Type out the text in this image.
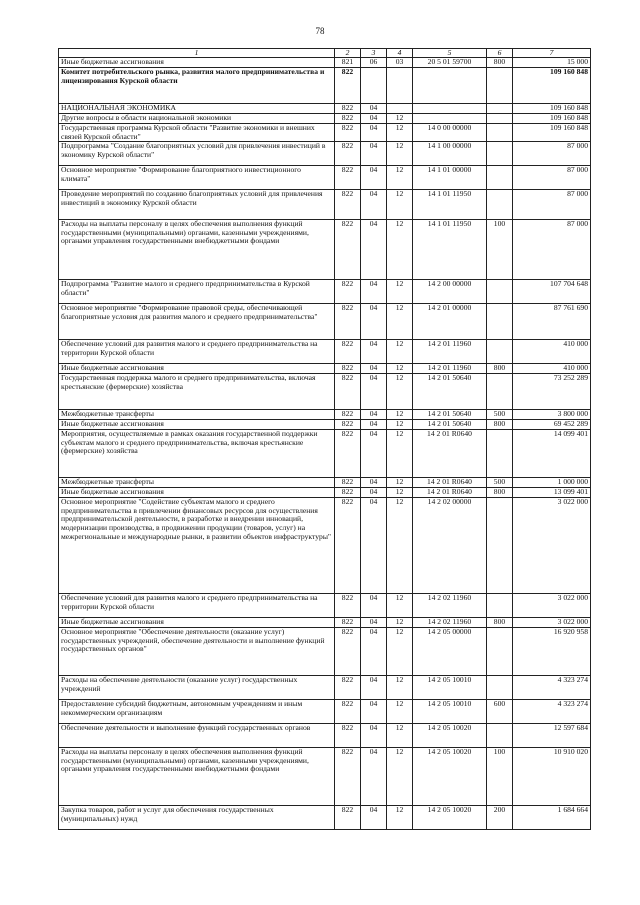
78
1	2	3	4	5	6	7
Иные бюджетные ассигнования	821	06	03	20 5 01 59700	800	15 000
Комитет потребительского рынка, развития малого предпринимательства и лицензирования Курской области	822					109 160 848
НАЦИОНАЛЬНАЯ ЭКОНОМИКА	822	04				109 160 848
Другие вопросы в области национальной экономики	822	04	12			109 160 848
Государственная программа Курской области "Развитие экономики и внешних связей Курской области"	822	04	12	14 0 00 00000		109 160 848
Подпрограмма "Создание благоприятных условий для привлечения инвестиций в экономику Курской области"	822	04	12	14 1 00 00000		87 000
Основное мероприятие "Формирование благоприятного инвестиционного климата"	822	04	12	14 1 01 00000		87 000
Проведение мероприятий по созданию благоприятных условий для привлечения инвестиций в экономику Курской области	822	04	12	14 1 01 11950		87 000
Расходы на выплаты персоналу в целях обеспечения выполнения функций государственными (муниципальными) органами, казенными учреждениями, органами управления государственными внебюджетными фондами	822	04	12	14 1 01 11950	100	87 000
Подпрограмма "Развитие малого и среднего предпринимательства в Курской области"	822	04	12	14 2 00 00000		107 704 648
Основное мероприятие "Формирование правовой среды, обеспечивающей благоприятные условия для развития малого и среднего предпринимательства"	822	04	12	14 2 01 00000		87 761 690
Обеспечение условий для развития малого и среднего предпринимательства на территории Курской области	822	04	12	14 2 01 11960		410 000
Иные бюджетные ассигнования	822	04	12	14 2 01 11960	800	410 000
Государственная поддержка малого и среднего предпринимательства, включая крестьянские (фермерские) хозяйства	822	04	12	14 2 01 50640		73 252 289
Межбюджетные трансферты	822	04	12	14 2 01 50640	500	3 800 000
Иные бюджетные ассигнования	822	04	12	14 2 01 50640	800	69 452 289
Мероприятия, осуществляемые в рамках оказания государственной поддержки субъектам малого и среднего предпринимательства, включая крестьянские (фермерские) хозяйства	822	04	12	14 2 01 R0640		14 099 401
Межбюджетные трансферты	822	04	12	14 2 01 R0640	500	1 000 000
Иные бюджетные ассигнования	822	04	12	14 2 01 R0640	800	13 099 401
Основное мероприятие "Содействие субъектам малого и среднего предпринимательства в привлечении финансовых ресурсов для осуществления предпринимательской деятельности, в разработке и внедрении инноваций, модернизации производства, в продвижении продукции (товаров, услуг) на межрегиональные и международные рынки, в развитии объектов инфраструктуры"	822	04	12	14 2 02 00000		3 022 000
Обеспечение условий для развития малого и среднего предпринимательства на территории Курской области	822	04	12	14 2 02 11960		3 022 000
Иные бюджетные ассигнования	822	04	12	14 2 02 11960	800	3 022 000
Основное мероприятие "Обеспечение деятельности (оказание услуг) государственных учреждений, обеспечение деятельности и выполнение функций государственных органов"	822	04	12	14 2 05 00000		16 920 958
Расходы на обеспечение деятельности (оказание услуг) государственных учреждений	822	04	12	14 2 05 10010		4 323 274
Предоставление субсидий бюджетным, автономным учреждениям и иным некоммерческим организациям	822	04	12	14 2 05 10010	600	4 323 274
Обеспечение деятельности и выполнение функций государственных органов	822	04	12	14 2 05 10020		12 597 684
Расходы на выплаты персоналу в целях обеспечения выполнения функций государственными (муниципальными) органами, казенными учреждениями, органами управления государственными внебюджетными фондами	822	04	12	14 2 05 10020	100	10 910 020
Закупка товаров, работ и услуг для обеспечения государственных (муниципальных) нужд	822	04	12	14 2 05 10020	200	1 684 664
